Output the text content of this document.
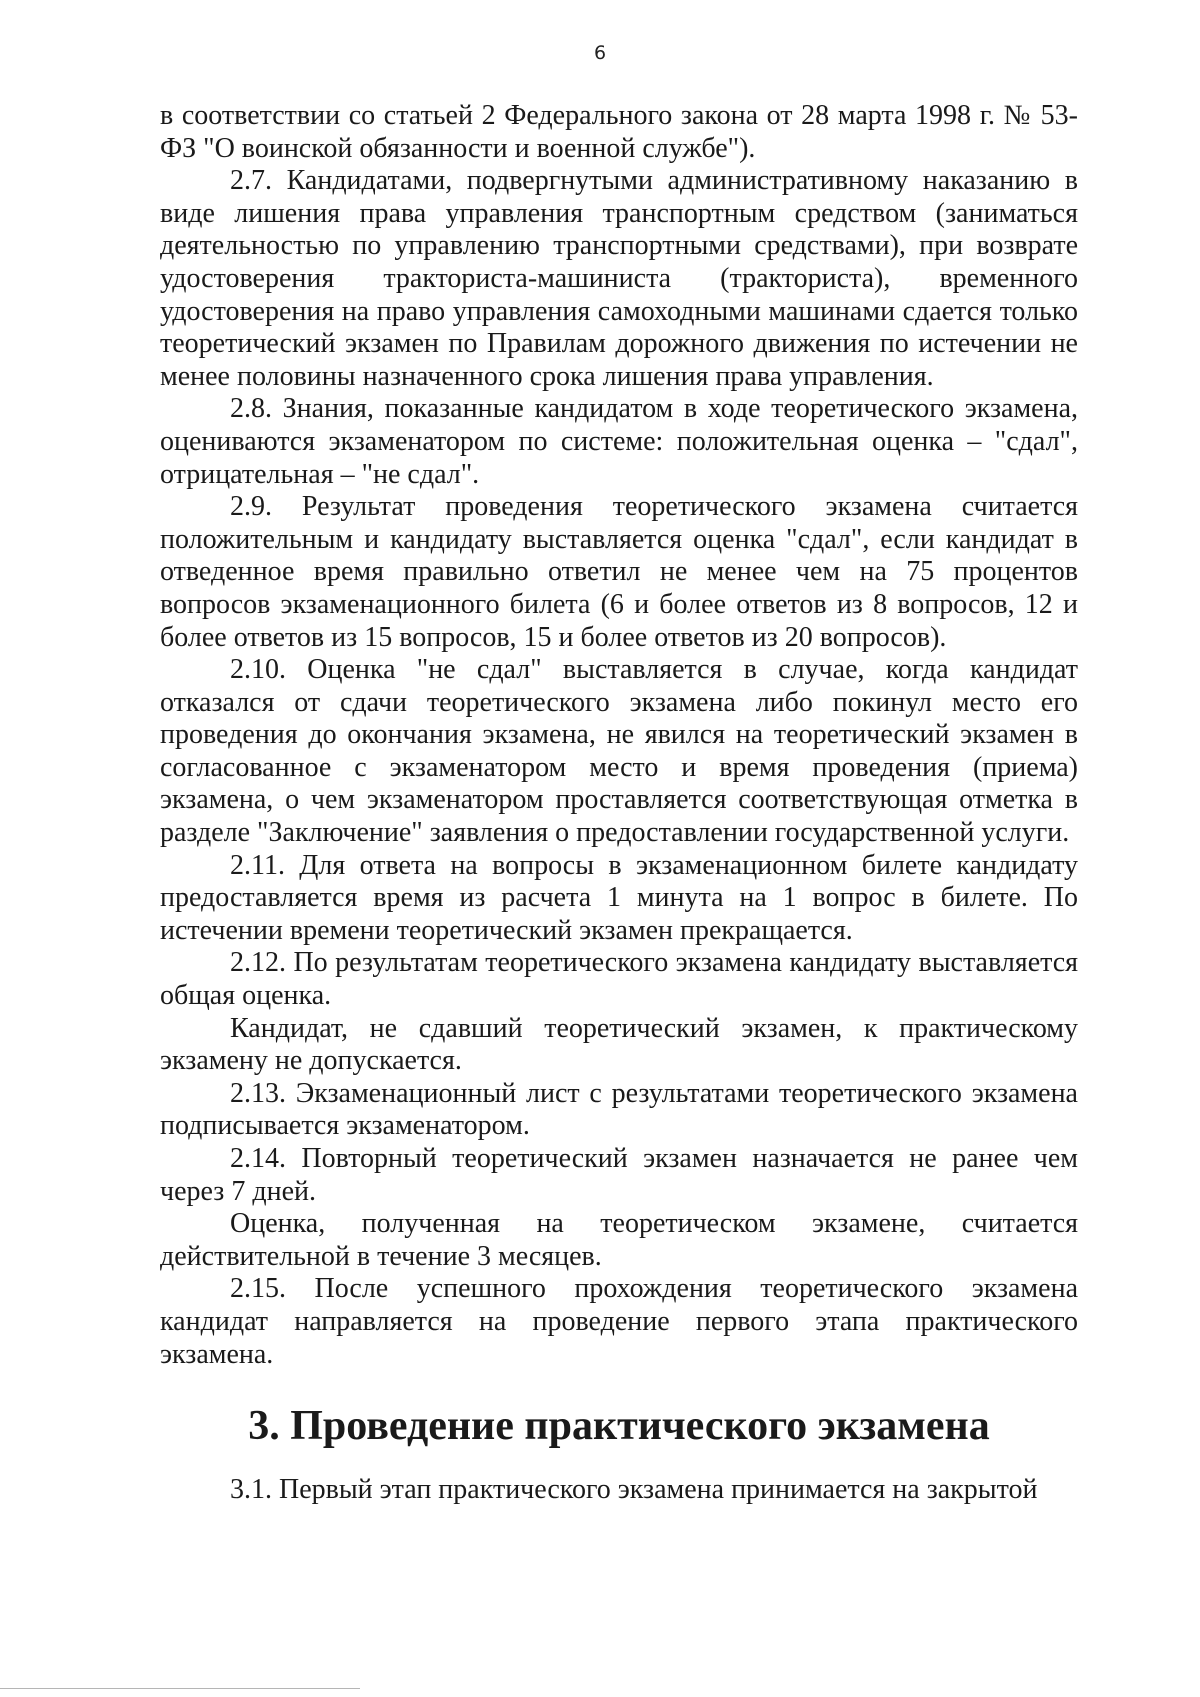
6

в соответствии со статьей 2 Федерального закона от 28 марта 1998 г. № 53-ФЗ "О воинской обязанности и военной службе").

2.7. Кандидатами, подвергнутыми административному наказанию в виде лишения права управления транспортным средством (заниматься деятельностью по управлению транспортными средствами), при возврате удостоверения тракториста-машиниста (тракториста), временного удостоверения на право управления самоходными машинами сдается только теоретический экзамен по Правилам дорожного движения по истечении не менее половины назначенного срока лишения права управления.

2.8. Знания, показанные кандидатом в ходе теоретического экзамена, оцениваются экзаменатором по системе: положительная оценка – "сдал", отрицательная – "не сдал".

2.9. Результат проведения теоретического экзамена считается положительным и кандидату выставляется оценка "сдал", если кандидат в отведенное время правильно ответил не менее чем на 75 процентов вопросов экзаменационного билета (6 и более ответов из 8 вопросов, 12 и более ответов из 15 вопросов, 15 и более ответов из 20 вопросов).

2.10. Оценка "не сдал" выставляется в случае, когда кандидат отказался от сдачи теоретического экзамена либо покинул место его проведения до окончания экзамена, не явился на теоретический экзамен в согласованное с экзаменатором место и время проведения (приема) экзамена, о чем экзаменатором проставляется соответствующая отметка в разделе "Заключение" заявления о предоставлении государственной услуги.

2.11. Для ответа на вопросы в экзаменационном билете кандидату предоставляется время из расчета 1 минута на 1 вопрос в билете. По истечении времени теоретический экзамен прекращается.

2.12. По результатам теоретического экзамена кандидату выставляется общая оценка.

Кандидат, не сдавший теоретический экзамен, к практическому экзамену не допускается.

2.13. Экзаменационный лист с результатами теоретического экзамена подписывается экзаменатором.

2.14. Повторный теоретический экзамен назначается не ранее чем через 7 дней.

Оценка, полученная на теоретическом экзамене, считается действительной в течение 3 месяцев.

2.15. После успешного прохождения теоретического экзамена кандидат направляется на проведение первого этапа практического экзамена.

3. Проведение практического экзамена

3.1. Первый этап практического экзамена принимается на закрытой
